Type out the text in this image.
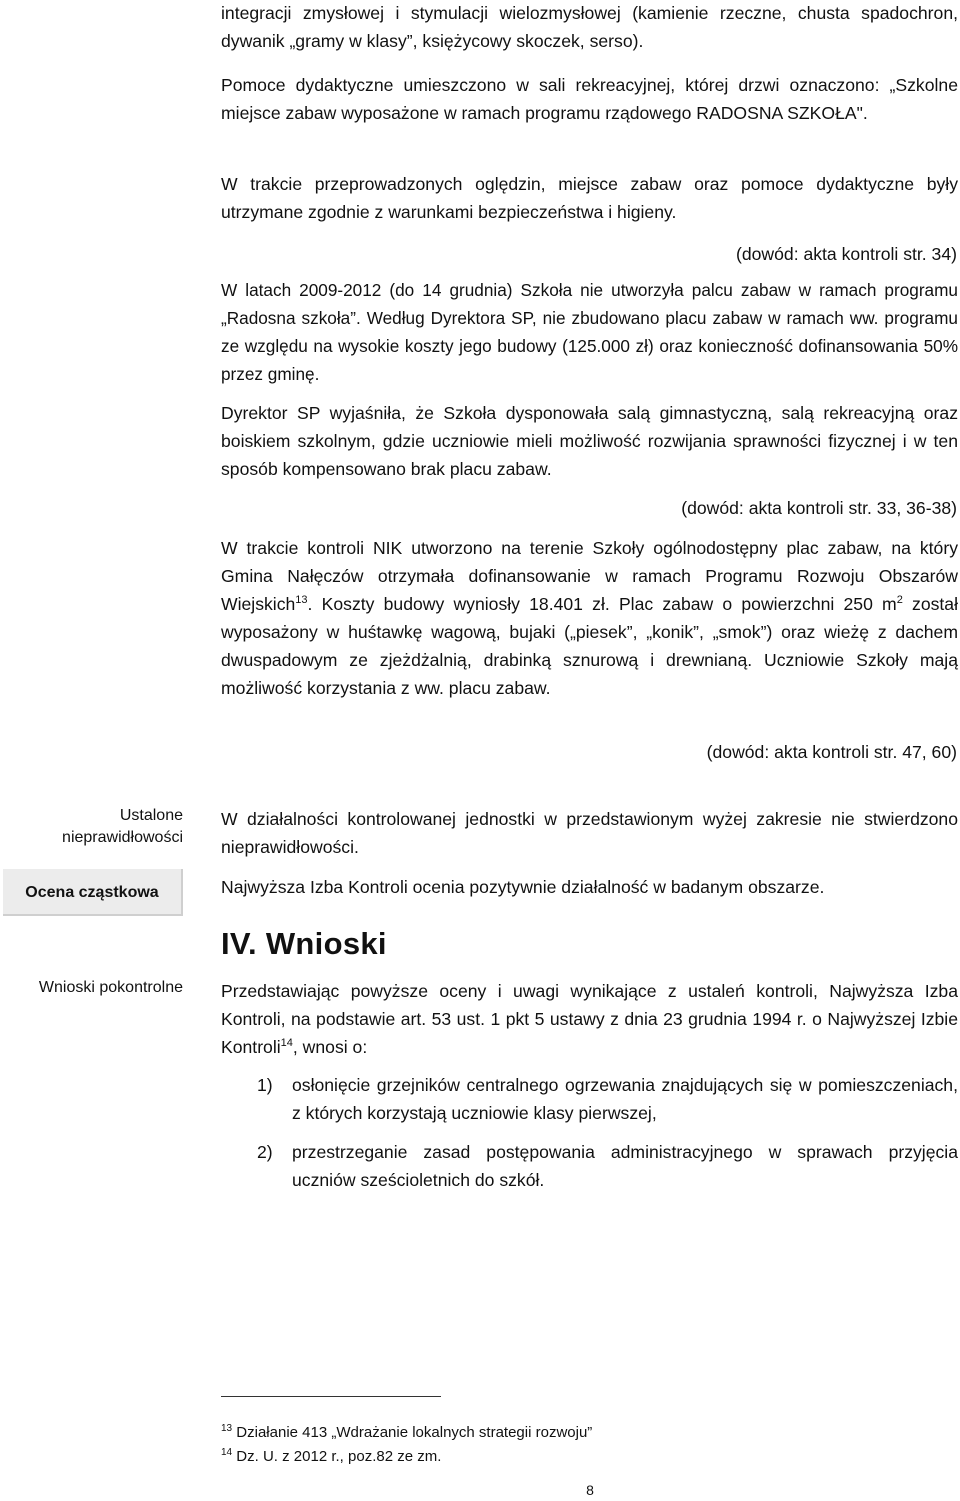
integracji zmysłowej i stymulacji wielozmysłowej (kamienie rzeczne, chusta spadochron, dywanik „gramy w klasy”, księżycowy skoczek, serso).

Pomoce dydaktyczne umieszczono w sali rekreacyjnej, której drzwi oznaczono: „Szkolne miejsce zabaw wyposażone w ramach programu rządowego RADOSNA SZKOŁA".

W trakcie przeprowadzonych oględzin, miejsce zabaw oraz pomoce dydaktyczne były utrzymane zgodnie z warunkami bezpieczeństwa i higieny.

(dowód: akta kontroli str. 34)

W latach 2009-2012 (do 14 grudnia) Szkoła nie utworzyła palcu zabaw w ramach programu „Radosna szkoła”. Według Dyrektora SP, nie zbudowano placu zabaw w ramach ww. programu ze względu na wysokie koszty jego budowy (125.000 zł) oraz konieczność dofinansowania 50% przez gminę.

Dyrektor SP wyjaśniła, że Szkoła dysponowała salą gimnastyczną, salą rekreacyjną oraz boiskiem szkolnym, gdzie uczniowie mieli możliwość rozwijania sprawności fizycznej i w ten sposób kompensowano brak placu zabaw.

(dowód: akta kontroli str. 33, 36-38)

W trakcie kontroli NIK utworzono na terenie Szkoły ogólnodostępny plac zabaw, na który Gmina Nałęczów otrzymała dofinansowanie w ramach Programu Rozwoju Obszarów Wiejskich$^{13}$. Koszty budowy wyniosły 18.401 zł. Plac zabaw o powierzchni 250 $m^2$ został wyposażony w huśtawkę wagową, bujaki („piesek”, „konik”, „smok”) oraz wieżę z dachem dwuspadowym ze zjeżdżalnią, drabinką sznurową i drewnianą. Uczniowie Szkoły mają możliwość korzystania z ww. placu zabaw.

(dowód: akta kontroli str. 47, 60)

Ustalone nieprawidłowości
Ocena cząstkowa
Wnioski pokontrolne

W działalności kontrolowanej jednostki w przedstawionym wyżej zakresie nie stwierdzono nieprawidłowości.

Najwyższa Izba Kontroli ocenia pozytywnie działalność w badanym obszarze.

IV. Wnioski

Przedstawiając powyższe oceny i uwagi wynikające z ustaleń kontroli, Najwyższa Izba Kontroli, na podstawie art. 53 ust. 1 pkt 5 ustawy z dnia 23 grudnia 1994 r. o Najwyższej Izbie Kontroli$^{14}$, wnosi o:

1) osłonięcie grzejników centralnego ogrzewania znajdujących się w pomieszczeniach, z których korzystają uczniowie klasy pierwszej,
2) przestrzeganie zasad postępowania administracyjnego w sprawach przyjęcia uczniów sześcioletnich do szkół.
$^{13}$ Działanie 413 „Wdrażanie lokalnych strategii rozwoju”
$^{14}$ Dz. U. z 2012 r., poz.82 ze zm.
8
